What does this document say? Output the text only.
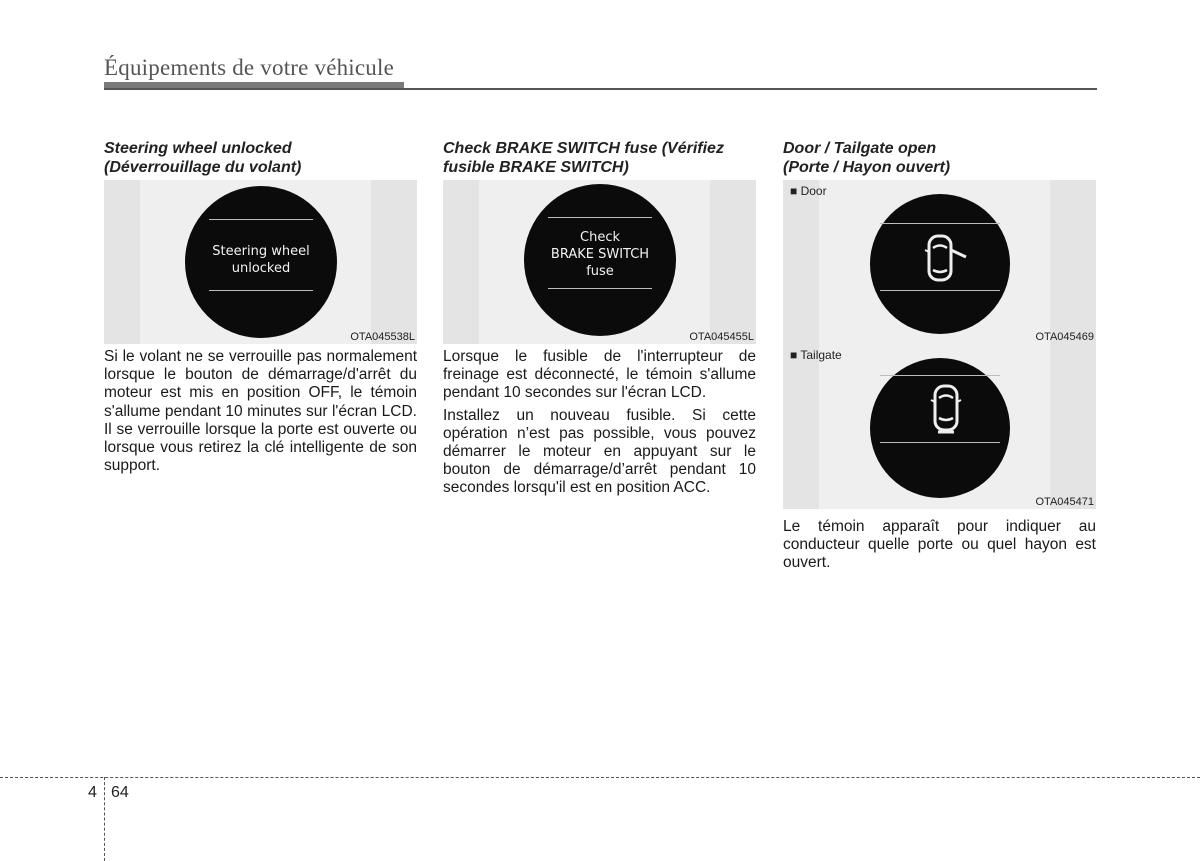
Équipements de votre véhicule

Steering wheel unlocked
(Déverrouillage du volant)

Steering wheel
unlocked
OTA045538L

Si le volant ne se verrouille pas normalement lorsque le bouton de démarrage/d'arrêt du moteur est mis en position OFF, le témoin s'allume pendant 10 minutes sur l'écran LCD. Il se verrouille lorsque la porte est ouverte ou lorsque vous retirez la clé intelligente de son support.

Check BRAKE SWITCH fuse (Vérifiez
fusible BRAKE SWITCH)

Check
BRAKE SWITCH
fuse
OTA045455L

Lorsque le fusible de l'interrupteur de freinage est déconnecté, le témoin s'allume pendant 10 secondes sur l'écran LCD.

Installez un nouveau fusible. Si cette opération n’est pas possible, vous pouvez démarrer le moteur en appuyant sur le bouton de démarrage/d’arrêt pendant 10 secondes lorsqu'il est en position ACC.

Door / Tailgate open
(Porte / Hayon ouvert)

■ Door
OTA045469
■ Tailgate
OTA045471

Le témoin apparaît pour indiquer au conducteur quelle porte ou quel hayon est ouvert.

4 64
